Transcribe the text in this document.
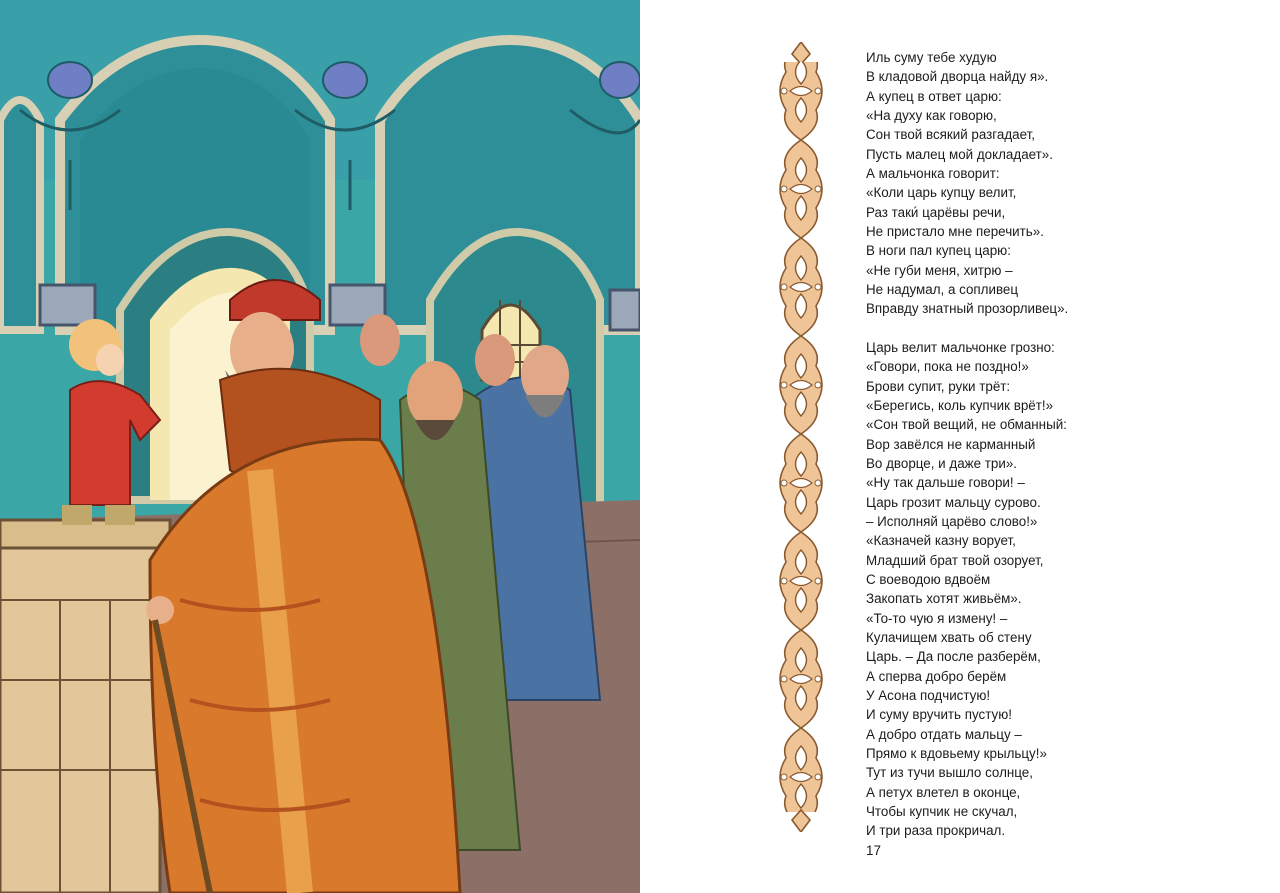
Иль суму тебе худую
В кладовой дворца найду я».
А купец в ответ царю:
«На духу как говорю,
Сон твой всякий разгадает,
Пусть малец мой докладает».
А мальчонка говорит:
«Коли царь купцу велит,
Раз таки́ царёвы речи,
Не пристало мне перечить».
В ноги пал купец царю:
«Не губи меня, хитрю –
Не надумал, а сопливец
Вправду знатный прозорливец».
Царь велит мальчонке грозно:
«Говори, пока не поздно!»
Брови супит, руки трёт:
«Берегись, коль купчик врёт!»
«Сон твой вещий, не обманный:
Вор завёлся не карманный
Во дворце, и даже три».
«Ну так дальше говори! –
Царь грозит мальцу сурово.
– Исполняй царёво слово!»
«Казначей казну ворует,
Младший брат твой озорует,
С воеводою вдвоём
Закопать хотят живьём».
«То-то чую я измену! –
Кулачищем хвать об стену
Царь. – Да после разберём,
А сперва добро берём
У Асона подчистую!
И суму вручить пустую!
А добро отдать мальцу –
Прямо к вдовьему крыльцу!»
Тут из тучи вышло солнце,
А петух влетел в оконце,
Чтобы купчик не скучал,
И три раза прокричал.
17
